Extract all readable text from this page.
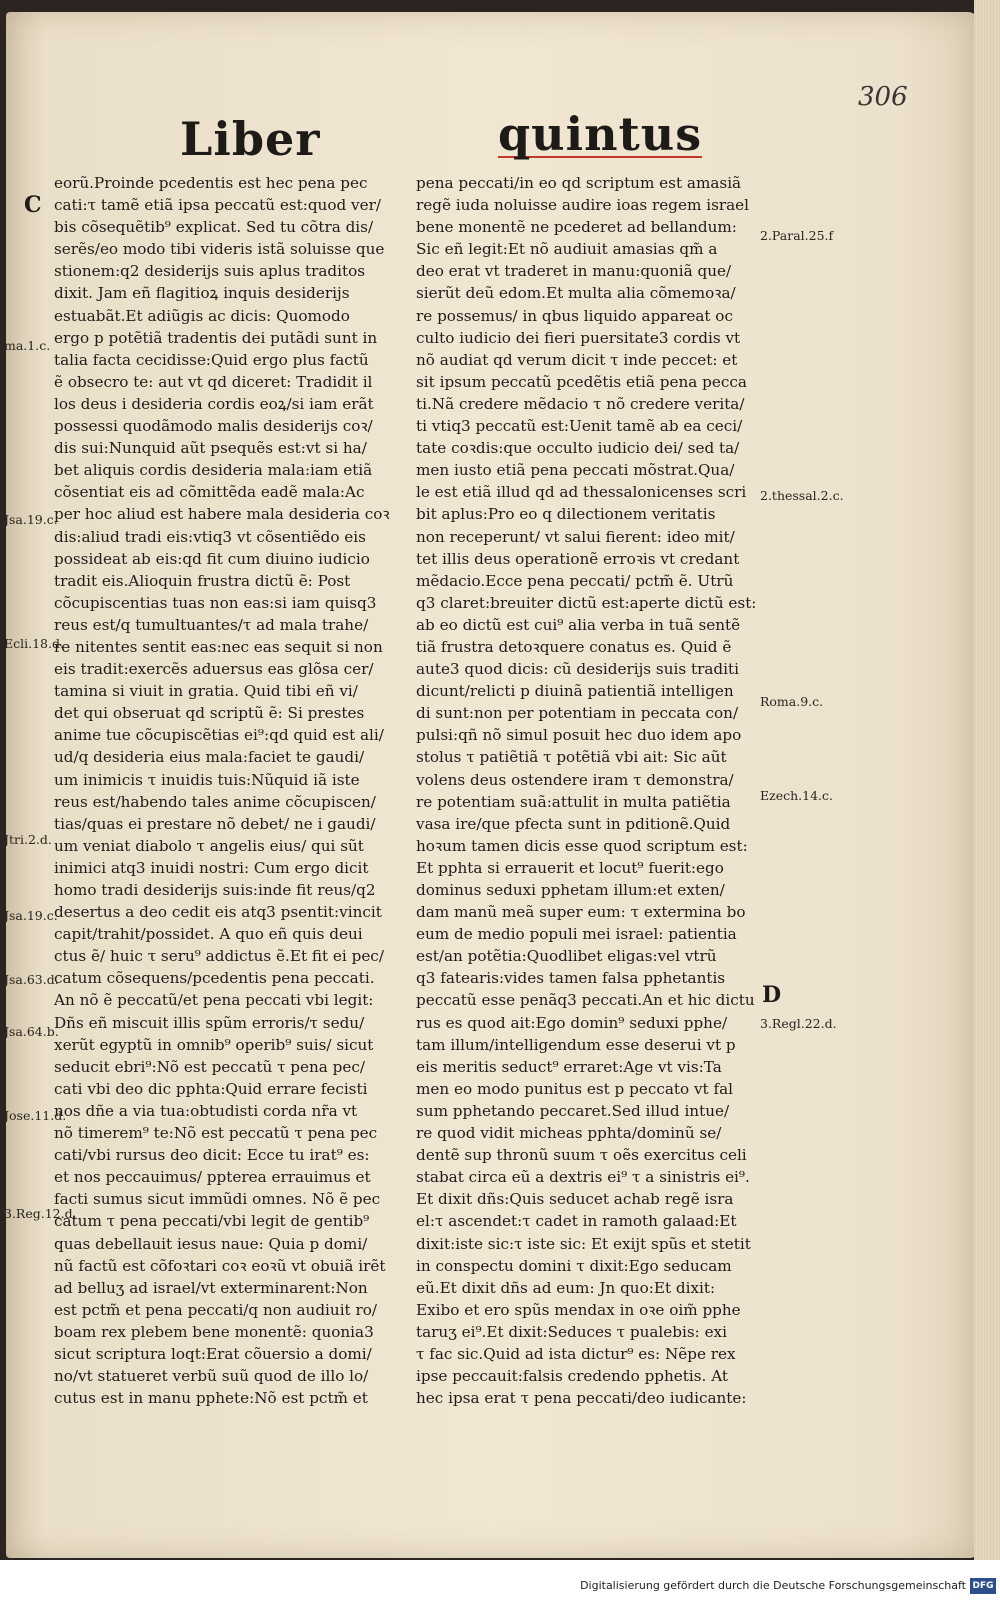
306
Liber	quintus
C
D
eorũ.Proinde pcedentis est hec pena pec
cati:τ tamẽ etiã ipsa peccatũ est:quod ver/
bis cõsequẽtib⁹ explicat. Sed tu cõtra dis/
serẽs/eo modo tibi videris istã soluisse que
stionem:q2 desiderijs suis aplus traditos
dixit. Jam eñ flagitioꝝ inquis desiderijs
estuabãt.Et adiũgis ac dicis: Quomodo
ergo p potẽtiã tradentis dei putãdi sunt in
talia facta cecidisse:Quid ergo plus factũ
ẽ obsecro te: aut vt qd diceret: Tradidit il
los deus i desideria cordis eoꝝ/si iam erãt
possessi quodãmodo malis desiderijs coꝛ/
dis sui:Nunquid aũt psequẽs est:vt si ha/
bet aliquis cordis desideria mala:iam etiã
cõsentiat eis ad cõmittẽda eadẽ mala:Ac
per hoc aliud est habere mala desideria coꝛ
dis:aliud tradi eis:vtiq3 vt cõsentiẽdo eis
possideat ab eis:qd fit cum diuino iudicio
tradit eis.Alioquin frustra dictũ ẽ: Post
cõcupiscentias tuas non eas:si iam quisq3
reus est/q tumultuantes/τ ad mala trahe/
re nitentes sentit eas:nec eas sequit si non
eis tradit:exercẽs aduersus eas glõsa cer/
tamina si viuit in gratia. Quid tibi eñ vi/
det qui obseruat qd scriptũ ẽ: Si prestes
anime tue cõcupiscẽtias ei⁹:qd quid est ali/
ud/q desideria eius mala:faciet te gaudi/
um inimicis τ inuidis tuis:Nũquid iã iste
reus est/habendo tales anime cõcupiscen/
tias/quas ei prestare nõ debet/ ne i gaudi/
um veniat diabolo τ angelis eius/ qui sũt
inimici atq3 inuidi nostri: Cum ergo dicit
homo tradi desiderijs suis:inde fit reus/q2
desertus a deo cedit eis atq3 psentit:vincit
capit/trahit/possidet. A quo eñ quis deui
ctus ẽ/ huic τ seru⁹ addictus ẽ.Et fit ei pec/
catum cõsequens/pcedentis pena peccati.
An nõ ẽ peccatũ/et pena peccati vbi legit:
Dñs eñ miscuit illis spũm erroris/τ sedu/
xerũt egyptũ in omnib⁹ operib⁹ suis/ sicut
seducit ebri⁹:Nõ est peccatũ τ pena pec/
cati vbi deo dic pphta:Quid errare fecisti
nos dñe a via tua:obtudisti corda nr̃a vt
nõ timerem⁹ te:Nõ est peccatũ τ pena pec
cati/vbi rursus deo dicit: Ecce tu irat⁹ es:
et nos peccauimus/ ppterea errauimus et
facti sumus sicut immũdi omnes. Nõ ẽ pec
catum τ pena peccati/vbi legit de gentib⁹
quas debellauit iesus naue: Quia p domi/
nũ factũ est cõfoꝛtari coꝛ eoꝛũ vt obuiã irẽt
ad belluʒ ad israel/vt exterminarent:Non
est pctm̃ et pena peccati/q non audiuit ro/
boam rex plebem bene monentẽ: quonia3
sicut scriptura loqt:Erat cõuersio a domi/
no/vt statueret verbũ suũ quod de illo lo/
cutus est in manu pphete:Nõ est pctm̃ et
pena peccati/in eo qd scriptum est amasiã
regẽ iuda noluisse audire ioas regem israel
bene monentẽ ne pcederet ad bellandum:
Sic eñ legit:Et nõ audiuit amasias qm̃ a
deo erat vt traderet in manu:quoniã que/
sierũt deũ edom.Et multa alia cõmemoꝛa/
re possemus/ in qbus liquido appareat oc
culto iudicio dei fieri puersitate3 cordis vt
nõ audiat qd verum dicit τ inde peccet: et
sit ipsum peccatũ pcedẽtis etiã pena pecca
ti.Nã credere mẽdacio τ nõ credere verita/
ti vtiq3 peccatũ est:Uenit tamẽ ab ea ceci/
tate coꝛdis:que occulto iudicio dei/ sed ta/
men iusto etiã pena peccati mõstrat.Qua/
le est etiã illud qd ad thessalonicenses scri
bit aplus:Pro eo q dilectionem veritatis
non receperunt/ vt salui fierent: ideo mit/
tet illis deus operationẽ erroꝛis vt credant
mẽdacio.Ecce pena peccati/ pctm̃ ẽ. Utrũ
q3 claret:breuiter dictũ est:aperte dictũ est:
ab eo dictũ est cui⁹ alia verba in tuã sentẽ
tiã frustra detoꝛquere conatus es. Quid ẽ
aute3 quod dicis: cũ desiderijs suis traditi
dicunt/relicti p diuinã patientiã intelligen
di sunt:non per potentiam in peccata con/
pulsi:qñ nõ simul posuit hec duo idem apo
stolus τ patiẽtiã τ potẽtiã vbi ait: Sic aũt
volens deus ostendere iram τ demonstra/
re potentiam suã:attulit in multa patiẽtia
vasa ire/que pfecta sunt in pditionẽ.Quid
hoꝛum tamen dicis esse quod scriptum est:
Et pphta si errauerit et locut⁹ fuerit:ego
dominus seduxi pphetam illum:et exten/
dam manũ meã super eum: τ extermina bo
eum de medio populi mei israel: patientia
est/an potẽtia:Quodlibet eligas:vel vtrũ
q3 fatearis:vides tamen falsa pphetantis
peccatũ esse penãq3 peccati.An et hic dictu
rus es quod ait:Ego domin⁹ seduxi pphe/
tam illum/intelligendum esse deserui vt p
eis meritis seduct⁹ erraret:Age vt vis:Ta
men eo modo punitus est p peccato vt fal
sum pphetando peccaret.Sed illud intue/
re quod vidit micheas pphta/dominũ se/
dentẽ sup thronũ suum τ oẽs exercitus celi
stabat circa eũ a dextris ei⁹ τ a sinistris ei⁹.
Et dixit dñs:Quis seducet achab regẽ isra
el:τ ascendet:τ cadet in ramoth galaad:Et
dixit:iste sic:τ iste sic: Et exijt spũs et stetit
in conspectu domini τ dixit:Ego seducam
eũ.Et dixit dñs ad eum: Jn quo:Et dixit:
Exibo et ero spũs mendax in oꝛe oim̃ pphe
taruʒ ei⁹.Et dixit:Seduces τ pualebis: exi
τ fac sic.Quid ad ista dictur⁹ es: Nẽpe rex
ipse peccauit:falsis credendo pphetis. At
hec ipsa erat τ pena peccati/deo iudicante:
ma.1.c.
Jsa.19.c.
Ecli.18.d.
Jtri.2.d.
Jsa.19.c.
Jsa.63.d.
Jsa.64.b.
Jose.11.d.
3.Reg.12.d.
2.Paral.25.f
2.thessal.2.c.
Roma.9.c.
Ezech.14.c.
3.Regl.22.d.
Digitalisierung gefördert durch die Deutsche Forschungsgemeinschaft DFG
